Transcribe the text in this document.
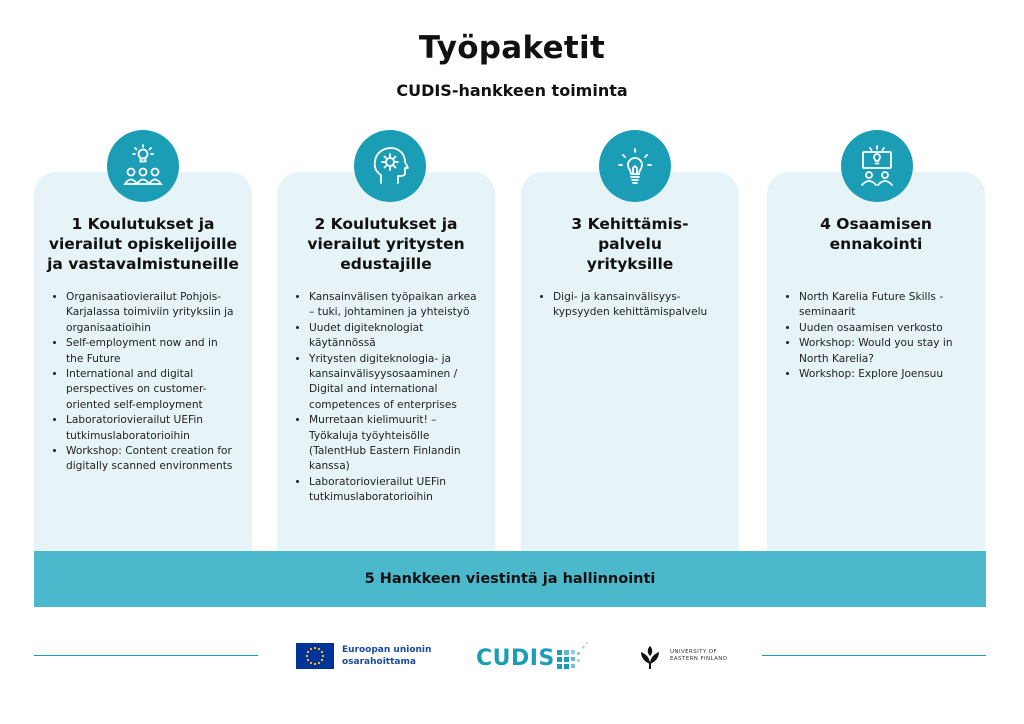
Työpaketit
CUDIS-hankkeen toiminta
1 Koulutukset ja
vierailut opiskelijoille
ja vastavalmistuneille
• Organisaatiovierailut Pohjois-Karjalassa toimiviin yrityksiin ja organisaatioihin
• Self-employment now and in the Future
• International and digital perspectives on customer-oriented self-employment
• Laboratoriovierailut UEFin tutkimuslaboratorioihin
• Workshop: Content creation for digitally scanned environments
2 Koulutukset ja
vierailut yritysten
edustajille
• Kansainvälisen työpaikan arkea – tuki, johtaminen ja yhteistyö
• Uudet digiteknologiat käytännössä
• Yritysten digiteknologia- ja kansainvälisyysosaaminen / Digital and international competences of enterprises
• Murretaan kielimuurit! – Työkaluja työyhteisölle (TalentHub Eastern Finlandin kanssa)
• Laboratoriovierailut UEFin tutkimuslaboratorioihin
3 Kehittämis-
palvelu
yrityksille
• Digi- ja kansainvälisyys-kypsyyden kehittämispalvelu
4 Osaamisen
ennakointi
• North Karelia Future Skills -seminaarit
• Uuden osaamisen verkosto
• Workshop: Would you stay in North Karelia?
• Workshop: Explore Joensuu
5 Hankkeen viestintä ja hallinnointi
Euroopan unionin
osarahoittama	CUDIS	UNIVERSITY OF
EASTERN FINLAND
